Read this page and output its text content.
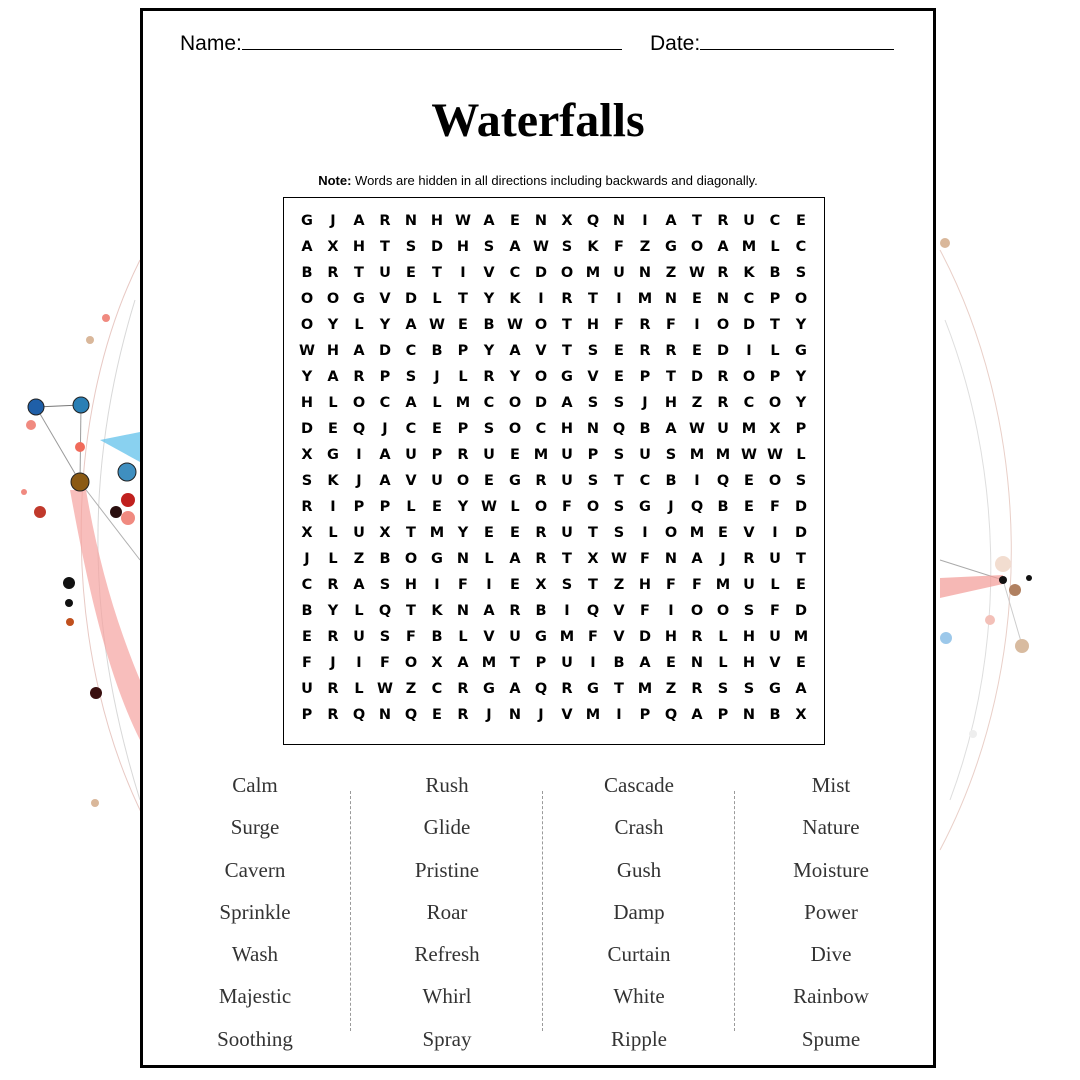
Name:	Date:
Waterfalls
Note: Words are hidden in all directions including backwards and diagonally.
G	J	A	R N H W A	E	N X Q N	I	A	T	R	U	C	E
A	X H	T	S	D H	S	A W S	K	F	Z	G O A M L	C
B	R	T	U	E	T	I	V	C	D O M U N	Z W R	K	B	S
O O G V D	L	T	Y	K	I	R	T	I	M N	E	N	C	P	O
O	Y	L	Y	A W E	B W O	T	H	F	R	F	I	O D	T	Y
W H A D	C	B	P	Y	A	V	T	S	E	R	R	E	D	I	L	G
Y	A	R	P	S	J	L	R	Y	O G V	E	P	T	D R O	P	Y
H	L	O	C	A	L M C	O D A	S	S	J	H	Z	R	C	O	Y
D	E	Q	J	C	E	P	S	O	C	H N Q B	A W U M X	P
X G	I	A	U	P	R	U	E M U	P	S	U	S M M W W L
S	K	J	A	V	U O	E	G R	U	S	T	C	B	I	Q	E	O	S
R	I	P	P	L	E	Y W L	O	F	O	S	G	J	Q B	E	F	D
X	L	U	X	T M Y	E	E	R	U	T	S	I	O M E	V	I	D
J	L	Z	B O G N	L	A	R	T	X W F	N A	J	R	U	T
C	R	A	S	H	I	F	I	E	X	S	T	Z	H	F	F M U	L	E
B	Y	L	Q	T	K N A	R	B	I	Q V	F	I	O O	S	F	D
E	R	U	S	F	B	L	V	U G M F	V D H R	L	H U M
F	J	I	F	O X	A M T	P	U	I	B	A	E	N	L	H V	E
U	R	L W Z	C	R G A Q R G	T M Z	R	S	S	G A
P	R Q N Q	E	R	J	N	J	V M	I	P	Q A	P	N B	X
Calm
Surge
Cavern
Sprinkle
Wash
Majestic
Soothing
Rush
Glide
Pristine
Roar
Refresh
Whirl
Spray
Cascade
Crash
Gush
Damp
Curtain
White
Ripple
Mist
Nature
Moisture
Power
Dive
Rainbow
Spume
